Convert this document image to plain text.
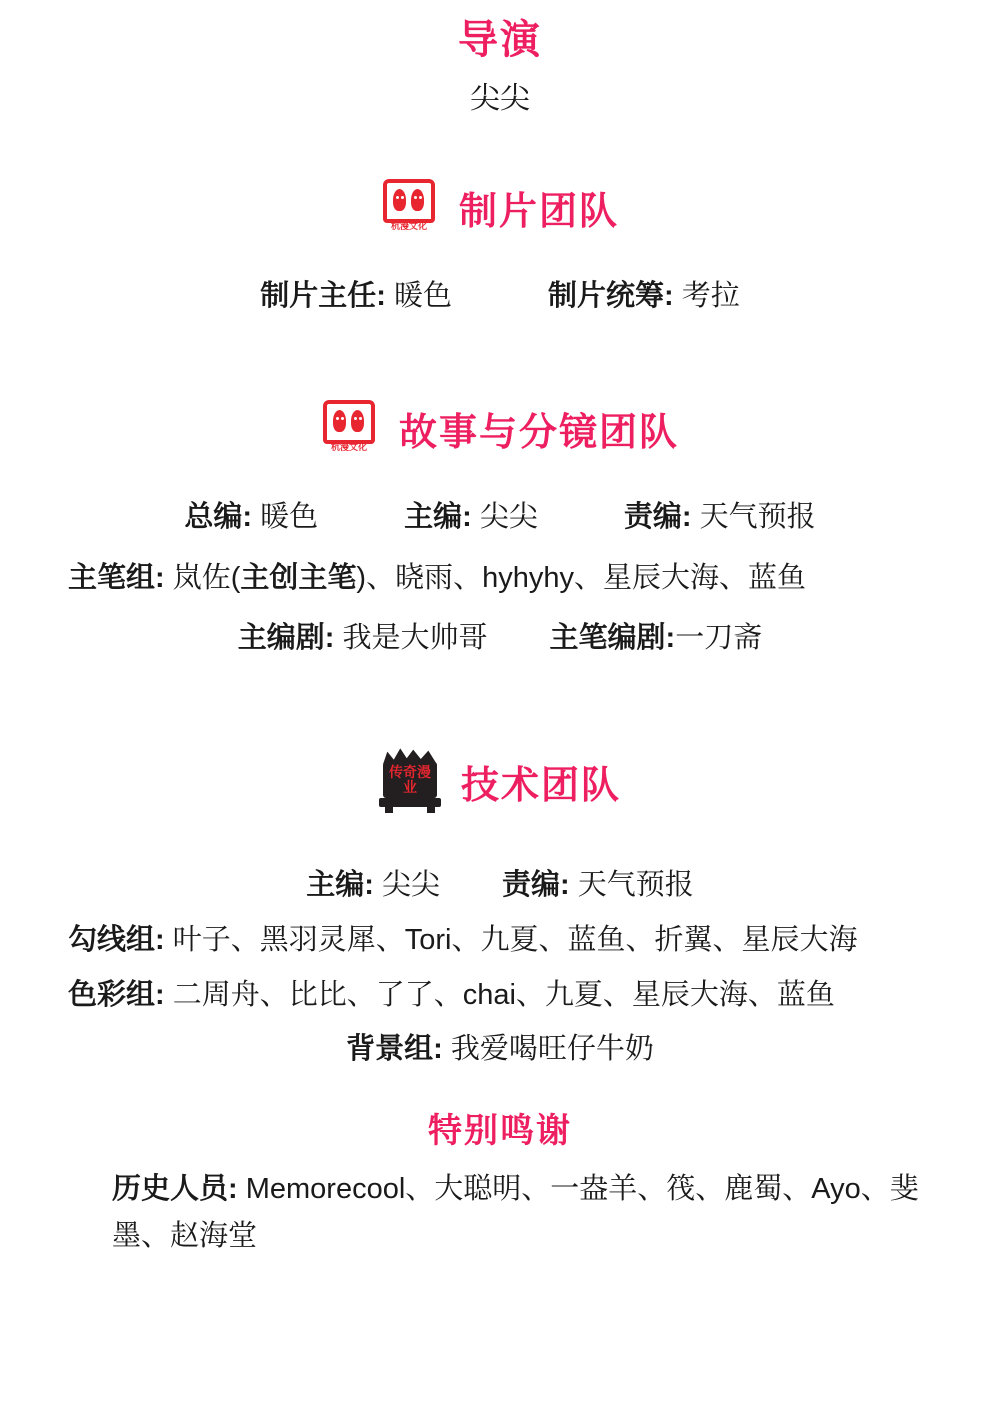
导演
尖尖
杭漫文化 制片团队
制片主任: 暖色	制片统筹: 考拉
杭漫文化 故事与分镜团队
总编: 暖色	主编: 尖尖	责编: 天气预报
主笔组: 岚佐(主创主笔)、晓雨、hyhyhy、星辰大海、蓝鱼
主编剧: 我是大帅哥 主笔编剧:一刀斋
传奇漫业	技术团队
主编: 尖尖 责编: 天气预报
勾线组: 叶子、黑羽灵犀、Tori、九夏、蓝鱼、折翼、星辰大海
色彩组: 二周舟、比比、了了、chai、九夏、星辰大海、蓝鱼
背景组: 我爱喝旺仔牛奶
特别鸣谢
历史人员: Memorecool、大聪明、一盎羊、筏、鹿蜀、Ayo、斐墨、赵海堂
